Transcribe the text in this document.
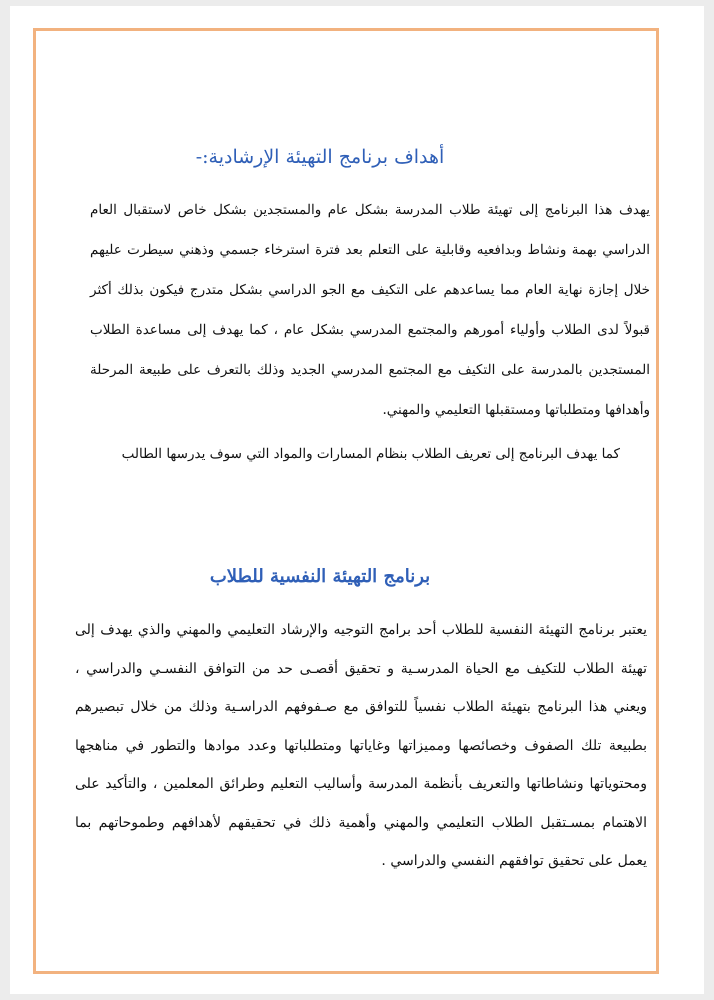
أهداف برنامج التهيئة الإرشادية:-

يهدف هذا البرنامج إلى تهيئة طلاب المدرسة بشكل عام والمستجدين بشكل خاص لاستقبال العام الدراسي بهمة ونشاط وبدافعيه وقابلية على التعلم بعد فترة استرخاء جسمي وذهني سيطرت عليهم خلال إجازة نهاية العام مما يساعدهم على التكيف مع الجو الدراسي بشكل متدرج فيكون بذلك أكثر قبولاً لدى الطلاب وأولياء أمورهم والمجتمع المدرسي بشكل عام ، كما يهدف إلى مساعدة الطلاب المستجدين بالمدرسة على التكيف مع المجتمع المدرسي الجديد وذلك بالتعرف على طبيعة المرحلة وأهدافها ومتطلباتها ومستقبلها التعليمي والمهني.

كما يهدف البرنامج إلى تعريف الطلاب بنظام المسارات والمواد التي سوف يدرسها الطالب

برنامج التهيئة النفسية للطلاب

يعتبر برنامج التهيئة النفسية للطلاب أحد برامج التوجيه والإرشاد التعليمي والمهني والذي يهدف إلى تهيئة الطلاب للتكيف مع الحياة المدرسـية و تحقيق أقصـى حد من التوافق النفسـي والدراسي ، ويعني هذا البرنامج بتهيئة الطلاب نفسياً للتوافق مع صـفوفهم الدراسـية وذلك من خلال تبصيرهم بطبيعة تلك الصفوف وخصائصها ومميزاتها وغاياتها ومتطلباتها وعدد موادها والتطور في مناهجها ومحتوياتها ونشاطاتها والتعريف بأنظمة المدرسة وأساليب التعليم وطرائق المعلمين ، والتأكيد على الاهتمام بمسـتقبل الطلاب التعليمي والمهني وأهمية ذلك في تحقيقهم لأهدافهم وطموحاتهم بما يعمل على تحقيق توافقهم النفسي والدراسي .
